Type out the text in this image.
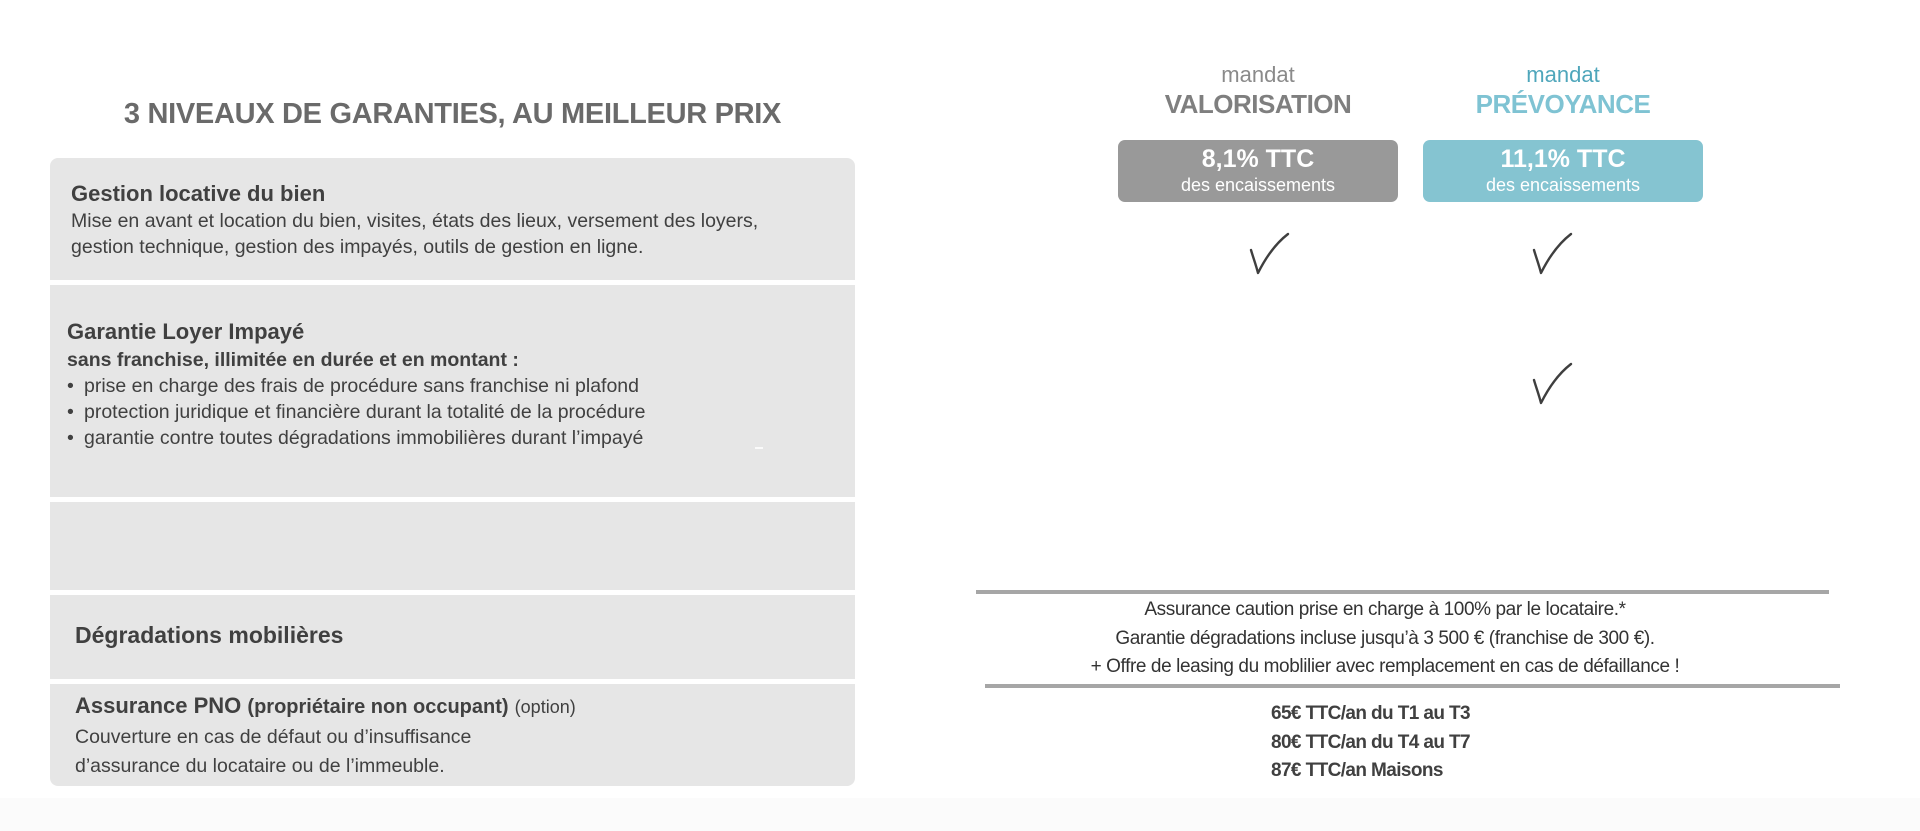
3 NIVEAUX DE GARANTIES, AU MEILLEUR PRIX
Gestion locative du bien
Mise en avant et location du bien, visites, états des lieux, versement des loyers,
gestion technique, gestion des impayés, outils de gestion en ligne.
Garantie Loyer Impayé
sans franchise, illimitée en durée et en montant :
• prise en charge des frais de procédure sans franchise ni plafond
• protection juridique et financière durant la totalité de la procédure
• garantie contre toutes dégradations immobilières durant l’impayé
Dégradations mobilières
Assurance PNO (propriétaire non occupant) (option)
Couverture en cas de défaut ou d’insuffisance
d’assurance du locataire ou de l’immeuble.
mandat
VALORISATION
mandat
PRÉVOYANCE
8,1% TTC
des encaissements
11,1% TTC
des encaissements
Assurance caution prise en charge à 100% par le locataire.*
Garantie dégradations incluse jusqu’à 3 500 € (franchise de 300 €).
+ Offre de leasing du moblilier avec remplacement en cas de défaillance !
65€ TTC/an du T1 au T3
80€ TTC/an du T4 au T7
87€ TTC/an Maisons
